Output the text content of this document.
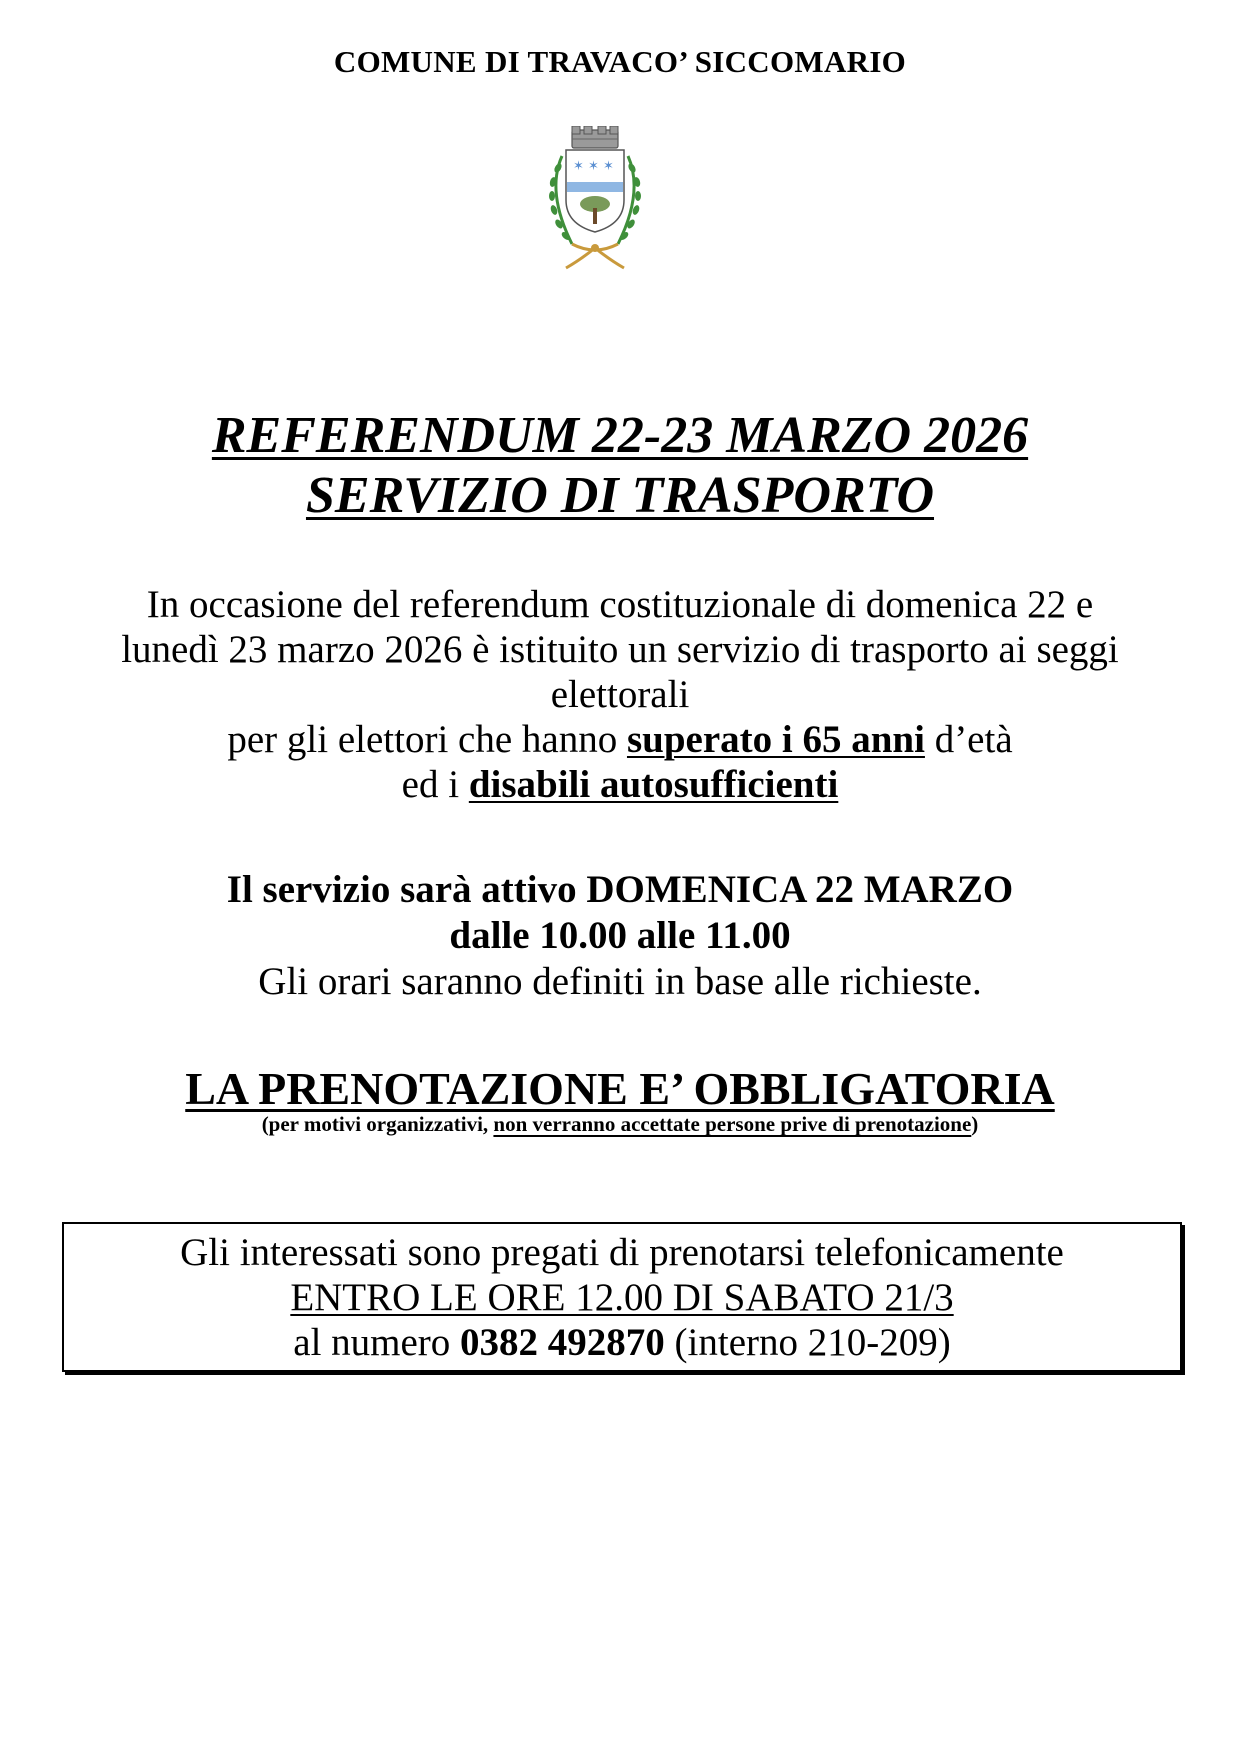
COMUNE DI TRAVACO’ SICCOMARIO
✶ ✶ ✶
REFERENDUM 22-23 MARZO 2026
SERVIZIO DI TRASPORTO
In occasione del referendum costituzionale di domenica 22 e
lunedì 23 marzo 2026 è istituito un servizio di trasporto ai seggi
elettorali
per gli elettori che hanno superato i 65 anni d’età
ed i disabili autosufficienti
Il servizio sarà attivo DOMENICA 22 MARZO
dalle 10.00 alle 11.00
Gli orari saranno definiti in base alle richieste.
LA PRENOTAZIONE E’ OBBLIGATORIA
(per motivi organizzativi, non verranno accettate persone prive di prenotazione)
Gli interessati sono pregati di prenotarsi telefonicamente
ENTRO LE ORE 12.00 DI SABATO 21/3
al numero 0382 492870 (interno 210-209)
